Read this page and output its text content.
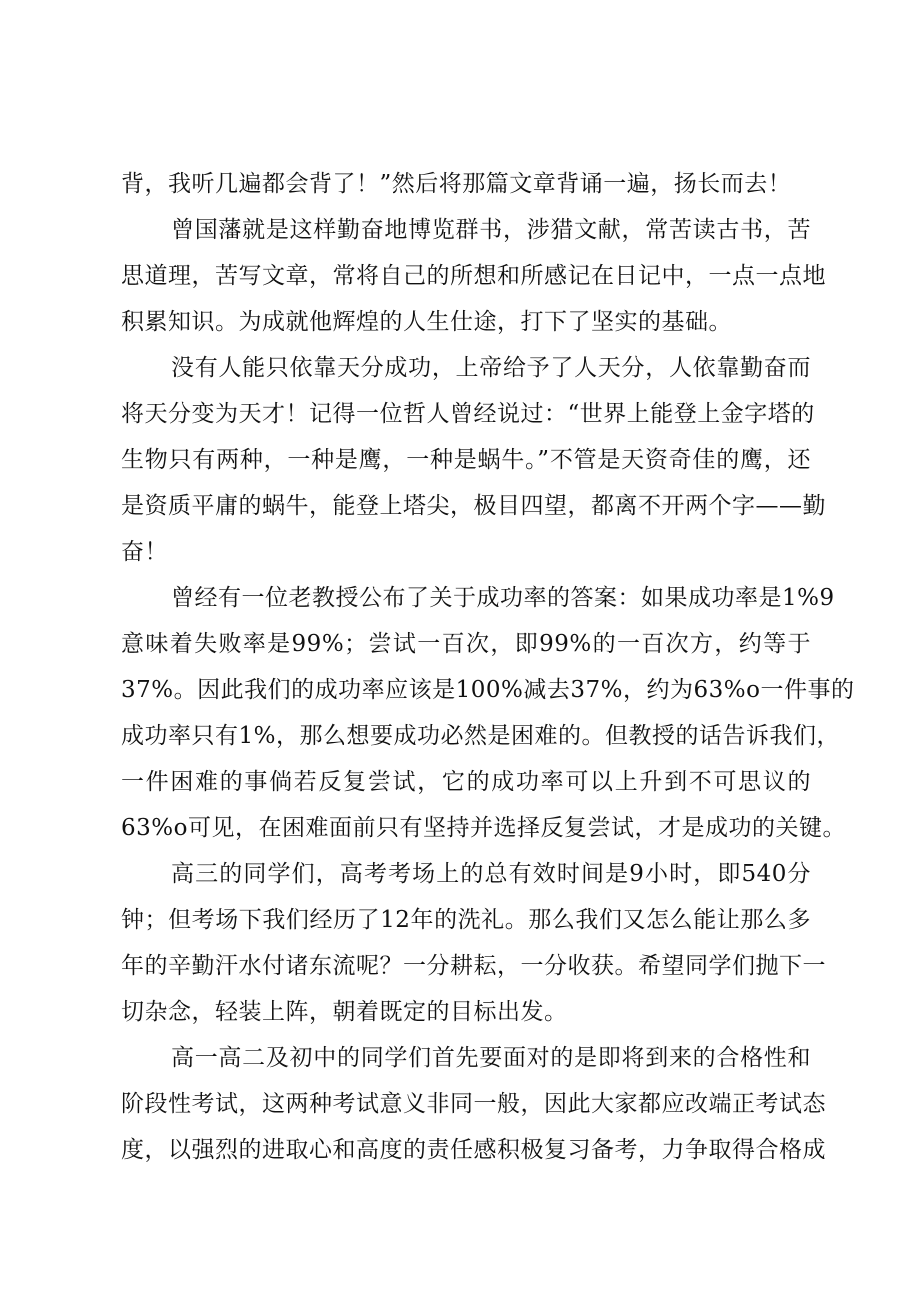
背，我听几遍都会背了！”然后将那篇文章背诵一遍，扬长而去！
曾国藩就是这样勤奋地博览群书，涉猎文献，常苦读古书，苦
思道理，苦写文章，常将自己的所想和所感记在日记中，一点一点地
积累知识。为成就他辉煌的人生仕途，打下了坚实的基础。
没有人能只依靠天分成功，上帝给予了人天分，人依靠勤奋而
将天分变为天才！记得一位哲人曾经说过：“世界上能登上金字塔的
生物只有两种，一种是鹰，一种是蜗牛。”不管是天资奇佳的鹰，还
是资质平庸的蜗牛，能登上塔尖，极目四望，都离不开两个字——勤
奋！
曾经有一位老教授公布了关于成功率的答案：如果成功率是1%9
意味着失败率是99%；尝试一百次，即99%的一百次方，约等于
37%。因此我们的成功率应该是100%减去37%，约为63%o一件事的
成功率只有1%，那么想要成功必然是困难的。但教授的话告诉我们，
一件困难的事倘若反复尝试，它的成功率可以上升到不可思议的
63%o可见，在困难面前只有坚持并选择反复尝试，才是成功的关键。
高三的同学们，高考考场上的总有效时间是9小时，即540分
钟；但考场下我们经历了12年的洗礼。那么我们又怎么能让那么多
年的辛勤汗水付诸东流呢？一分耕耘，一分收获。希望同学们抛下一
切杂念，轻装上阵，朝着既定的目标出发。
高一高二及初中的同学们首先要面对的是即将到来的合格性和
阶段性考试，这两种考试意义非同一般，因此大家都应改端正考试态
度，以强烈的进取心和高度的责任感积极复习备考，力争取得合格成
